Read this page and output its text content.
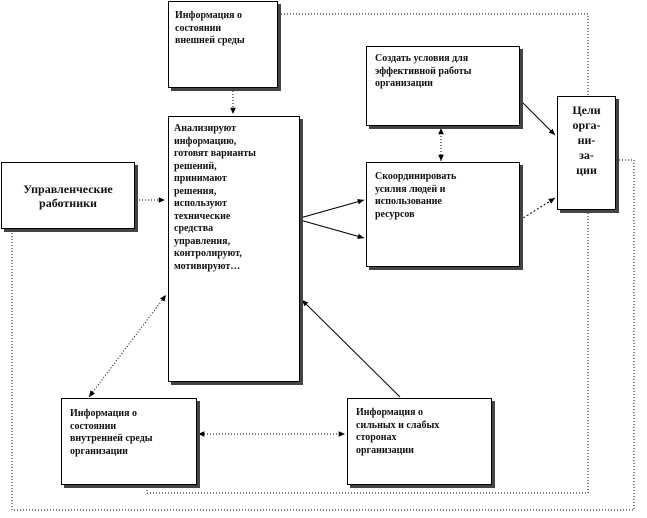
Информация о
состоянии
внешней среды
Управленческие
работники
Анализируют
информацию,
готовят варианты
решений,
принимают
решения,
используют
технические
средства
управления,
контролируют,
мотивируют…
Создать условия для
эффективной работы
организации
Скоординировать
усилия людей и
использование
ресурсов
Цели
орга-
ни-
за-
ции
Информация о
состоянии
внутренней среды
организации
Информация о
сильных и слабых
сторонах
организации
